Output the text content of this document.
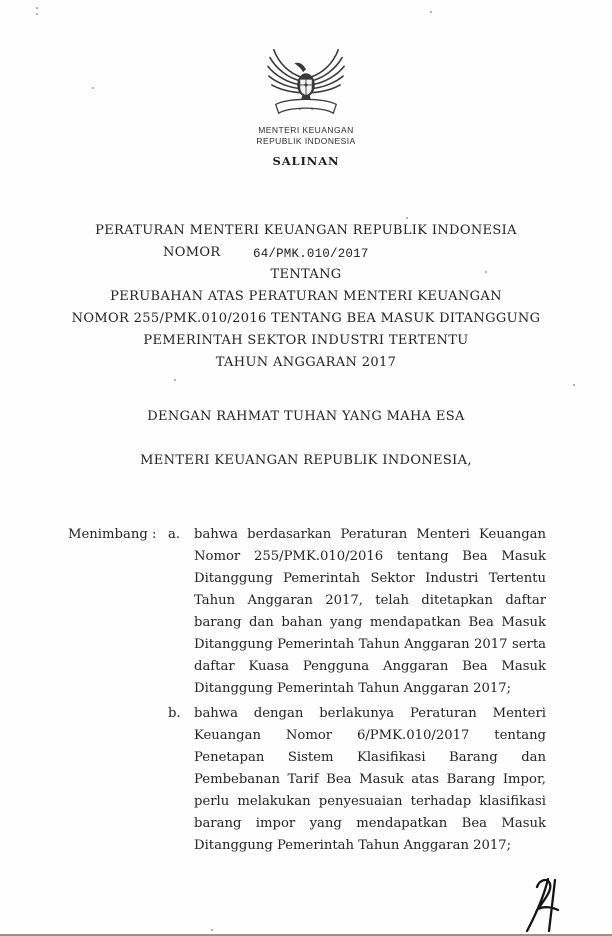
MENTERI KEUANGAN
REPUBLIK INDONESIA
SALINAN
PERATURAN MENTERI KEUANGAN REPUBLIK INDONESIA
NOMOR	64/PMK.010/2017
TENTANG
PERUBAHAN ATAS PERATURAN MENTERI KEUANGAN
NOMOR 255/PMK.010/2016 TENTANG BEA MASUK DITANGGUNG
PEMERINTAH SEKTOR INDUSTRI TERTENTU
TAHUN ANGGARAN 2017
DENGAN RAHMAT TUHAN YANG MAHA ESA
MENTERI KEUANGAN REPUBLIK INDONESIA,
Menimbang : a.	bahwa berdasarkan Peraturan Menteri Keuangan Nomor 255/PMK.010/2016 tentang Bea Masuk Ditanggung Pemerintah Sektor Industri Tertentu Tahun Anggaran 2017, telah ditetapkan daftar barang dan bahan yang mendapatkan Bea Masuk Ditanggung Pemerintah Tahun Anggaran 2017 serta daftar Kuasa Pengguna Anggaran Bea Masuk Ditanggung Pemerintah Tahun Anggaran 2017;
b.	bahwa dengan berlakunya Peraturan Menteri Keuangan Nomor 6/PMK.010/2017 tentang Penetapan Sistem Klasifikasi Barang dan Pembebanan Tarif Bea Masuk atas Barang Impor, perlu melakukan penyesuaian terhadap klasifikasi barang impor yang mendapatkan Bea Masuk Ditanggung Pemerintah Tahun Anggaran 2017;
